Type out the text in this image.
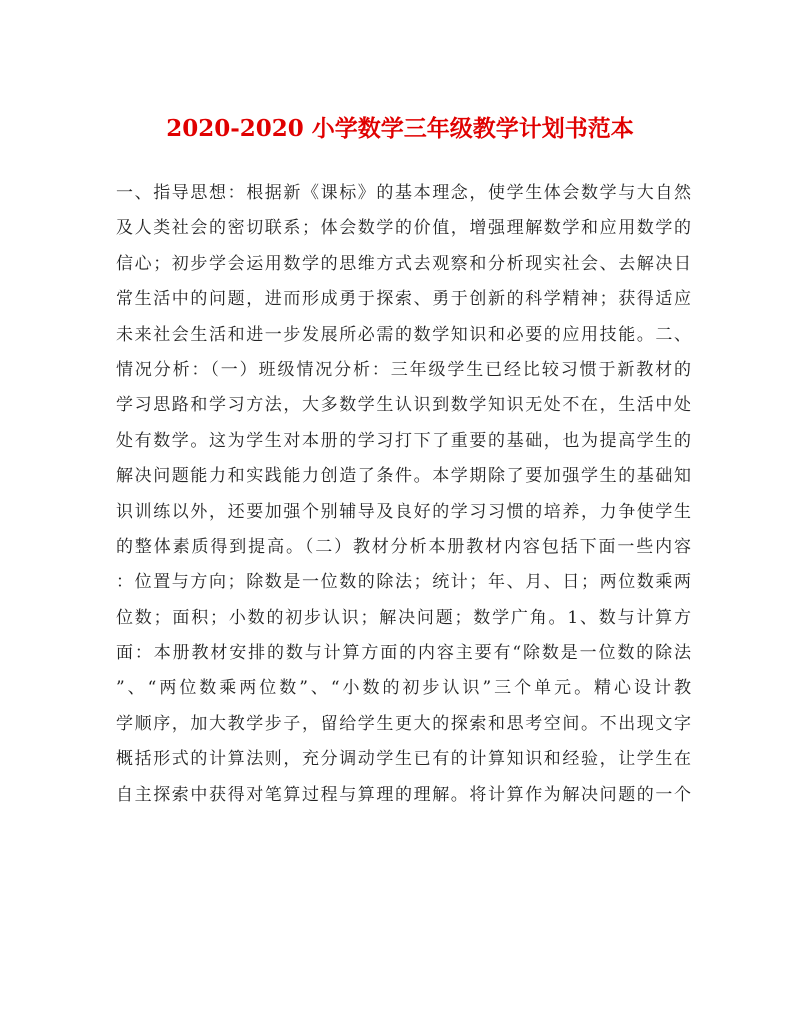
2020-2020 小学数学三年级教学计划书范本
一、指导思想：根据新《课标》的基本理念，使学生体会数学与大自然
及人类社会的密切联系；体会数学的价值，增强理解数学和应用数学的
信心；初步学会运用数学的思维方式去观察和分析现实社会、去解决日
常生活中的问题，进而形成勇于探索、勇于创新的科学精神；获得适应
未来社会生活和进一步发展所必需的数学知识和必要的应用技能。二、
情况分析：（一）班级情况分析：三年级学生已经比较习惯于新教材的
学习思路和学习方法，大多数学生认识到数学知识无处不在，生活中处
处有数学。这为学生对本册的学习打下了重要的基础，也为提高学生的
解决问题能力和实践能力创造了条件。本学期除了要加强学生的基础知
识训练以外，还要加强个别辅导及良好的学习习惯的培养，力争使学生
的整体素质得到提高。（二）教材分析本册教材内容包括下面一些内容
：位置与方向；除数是一位数的除法；统计；年、月、日；两位数乘两
位数；面积；小数的初步认识；解决问题；数学广角。1、数与计算方
面：本册教材安排的数与计算方面的内容主要有“除数是一位数的除法
”、“两位数乘两位数”、“小数的初步认识”三个单元。精心设计教
学顺序，加大教学步子，留给学生更大的探索和思考空间。不出现文字
概括形式的计算法则，充分调动学生已有的计算知识和经验，让学生在
自主探索中获得对笔算过程与算理的理解。将计算作为解决问题的一个
